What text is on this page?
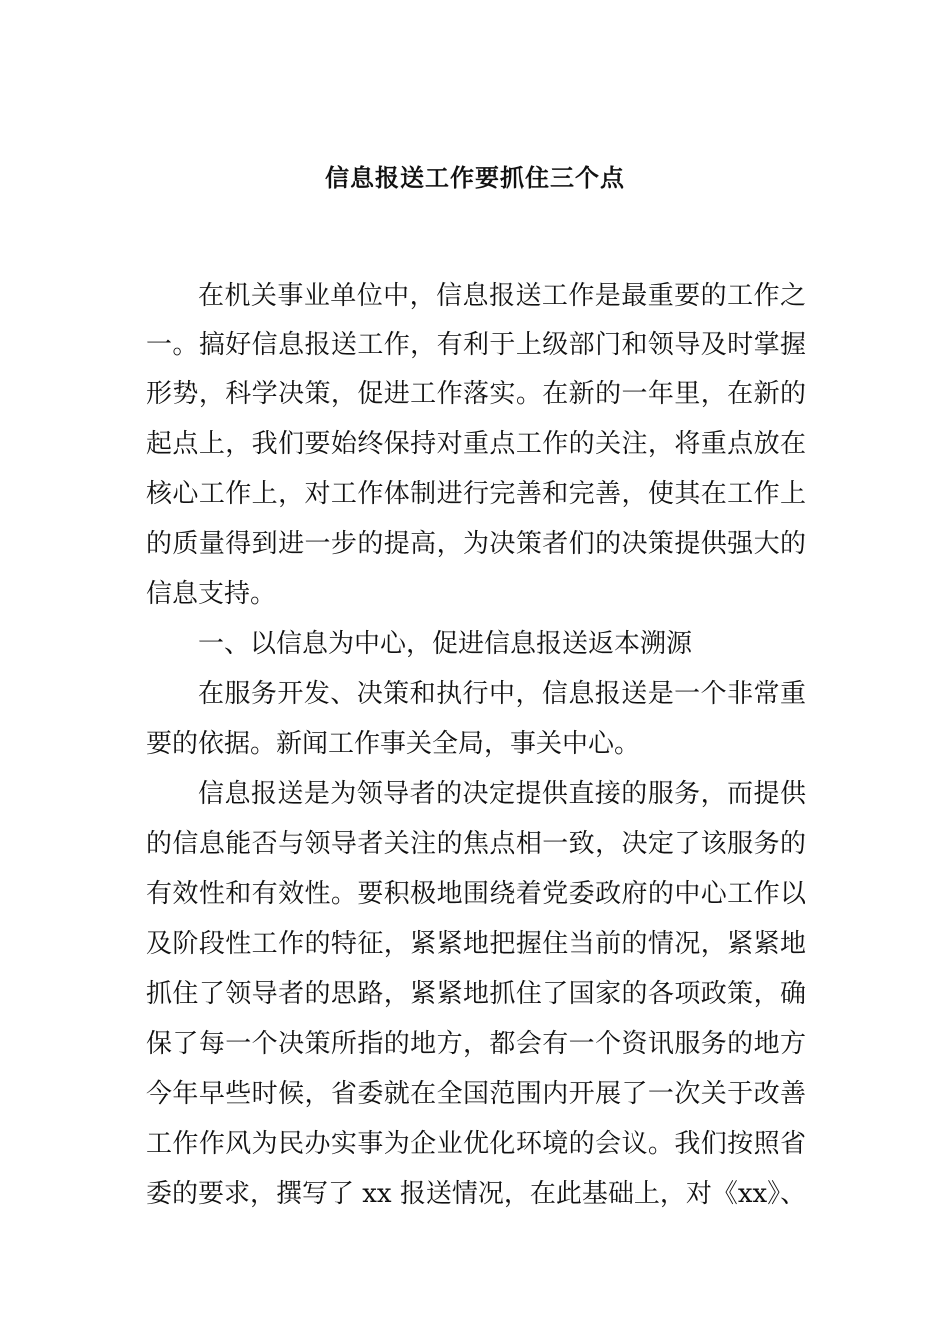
信息报送工作要抓住三个点

在机关事业单位中，信息报送工作是最重要的工作之

一。搞好信息报送工作，有利于上级部门和领导及时掌握

形势，科学决策，促进工作落实。在新的一年里，在新的

起点上，我们要始终保持对重点工作的关注，将重点放在

核心工作上，对工作体制进行完善和完善，使其在工作上

的质量得到进一步的提高，为决策者们的决策提供强大的

信息支持。

一、以信息为中心，促进信息报送返本溯源

在服务开发、决策和执行中，信息报送是一个非常重

要的依据。新闻工作事关全局，事关中心。

信息报送是为领导者的决定提供直接的服务，而提供

的信息能否与领导者关注的焦点相一致，决定了该服务的

有效性和有效性。要积极地围绕着党委政府的中心工作以

及阶段性工作的特征，紧紧地把握住当前的情况，紧紧地

抓住了领导者的思路，紧紧地抓住了国家的各项政策，确

保了每一个决策所指的地方，都会有一个资讯服务的地方

今年早些时候，省委就在全国范围内开展了一次关于改善

工作作风为民办实事为企业优化环境的会议。我们按照省

委的要求，撰写了 xx 报送情况，在此基础上，对《xx》、
